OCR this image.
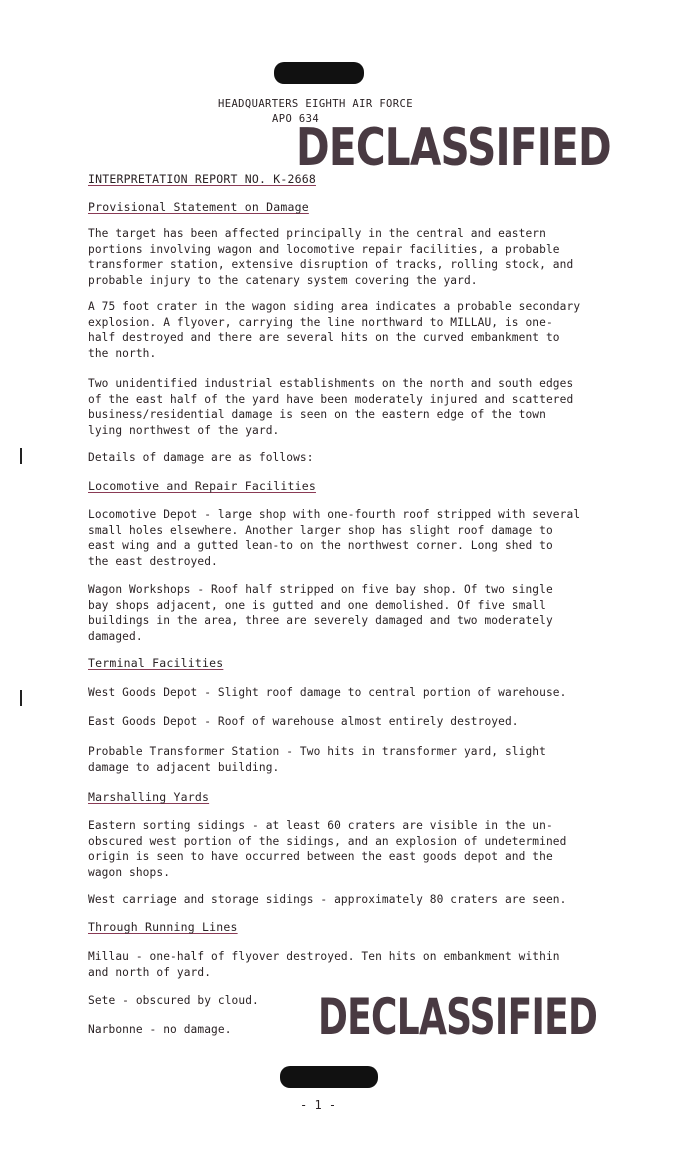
HEADQUARTERS EIGHTH AIR FORCE
APO 634
DECLASSIFIED
INTERPRETATION REPORT NO. K-2668
Provisional Statement on Damage
The target has been affected principally in the central and eastern
portions involving wagon and locomotive repair facilities, a probable
transformer station, extensive disruption of tracks, rolling stock, and
probable injury to the catenary system covering the yard.
A 75 foot crater in the wagon siding area indicates a probable secondary
explosion. A flyover, carrying the line northward to MILLAU, is one-
half destroyed and there are several hits on the curved embankment to
the north.
Two unidentified industrial establishments on the north and south edges
of the east half of the yard have been moderately injured and scattered
business/residential damage is seen on the eastern edge of the town
lying northwest of the yard.
Details of damage are as follows:
Locomotive and Repair Facilities
Locomotive Depot - large shop with one-fourth roof stripped with several
small holes elsewhere. Another larger shop has slight roof damage to
east wing and a gutted lean-to on the northwest corner. Long shed to
the east destroyed.
Wagon Workshops - Roof half stripped on five bay shop. Of two single
bay shops adjacent, one is gutted and one demolished. Of five small
buildings in the area, three are severely damaged and two moderately
damaged.
Terminal Facilities
West Goods Depot - Slight roof damage to central portion of warehouse.
East Goods Depot - Roof of warehouse almost entirely destroyed.
Probable Transformer Station - Two hits in transformer yard, slight
damage to adjacent building.
Marshalling Yards
Eastern sorting sidings - at least 60 craters are visible in the un-
obscured west portion of the sidings, and an explosion of undetermined
origin is seen to have occurred between the east goods depot and the
wagon shops.
West carriage and storage sidings - approximately 80 craters are seen.
Through Running Lines
Millau - one-half of flyover destroyed. Ten hits on embankment within
and north of yard.
Sete - obscured by cloud.
Narbonne - no damage.	DECLASSIFIED
- 1 -
